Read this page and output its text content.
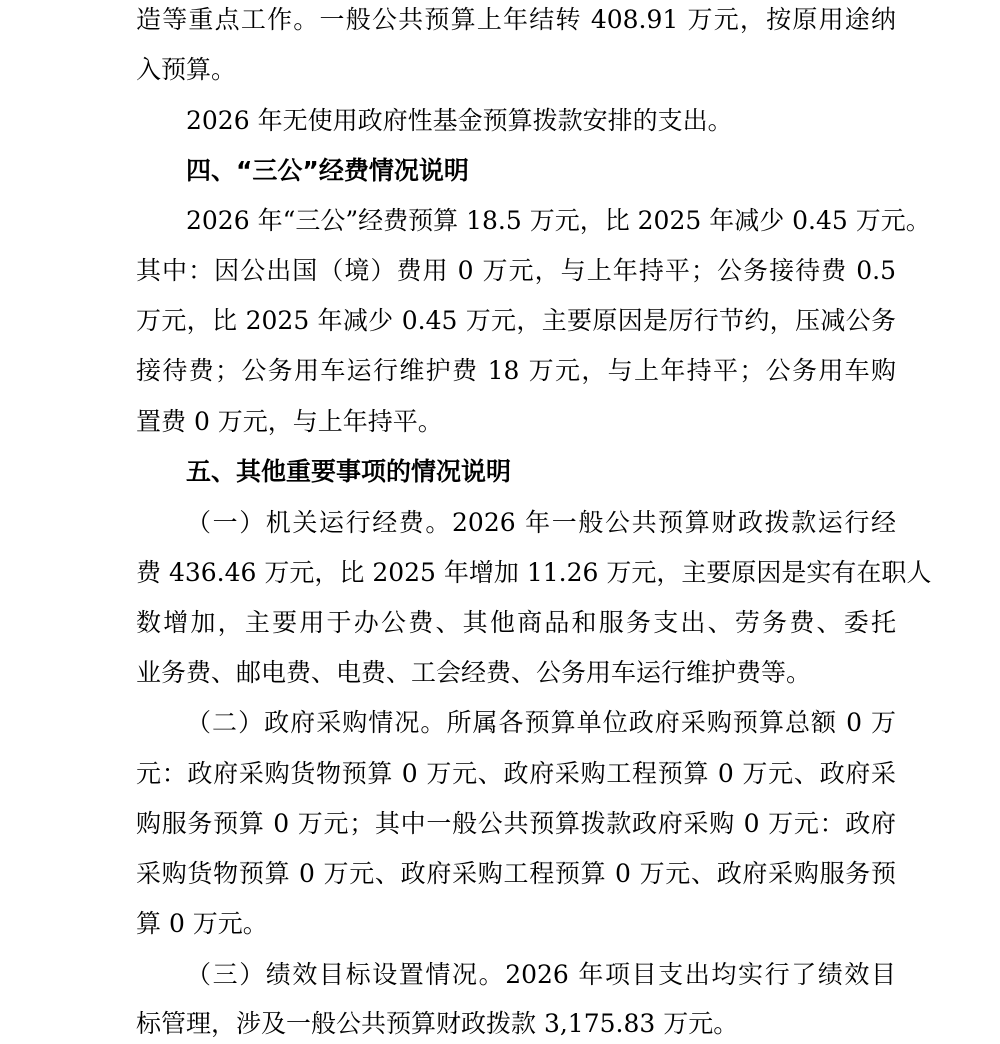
造等重点工作。一般公共预算上年结转 408.91 万元，按原用途纳
入预算。
2026 年无使用政府性基金预算拨款安排的支出。
四、“三公”经费情况说明
2026 年“三公”经费预算 18.5 万元，比 2025 年减少 0.45 万元。
其中：因公出国（境）费用 0 万元，与上年持平；公务接待费 0.5
万元，比 2025 年减少 0.45 万元，主要原因是厉行节约，压减公务
接待费；公务用车运行维护费 18 万元，与上年持平；公务用车购
置费 0 万元，与上年持平。
五、其他重要事项的情况说明
（一）机关运行经费。2026 年一般公共预算财政拨款运行经
费 436.46 万元，比 2025 年增加 11.26 万元，主要原因是实有在职人
数增加，主要用于办公费、其他商品和服务支出、劳务费、委托
业务费、邮电费、电费、工会经费、公务用车运行维护费等。
（二）政府采购情况。所属各预算单位政府采购预算总额 0 万
元：政府采购货物预算 0 万元、政府采购工程预算 0 万元、政府采
购服务预算 0 万元；其中一般公共预算拨款政府采购 0 万元：政府
采购货物预算 0 万元、政府采购工程预算 0 万元、政府采购服务预
算 0 万元。
（三）绩效目标设置情况。2026 年项目支出均实行了绩效目
标管理，涉及一般公共预算财政拨款 3,175.83 万元。
